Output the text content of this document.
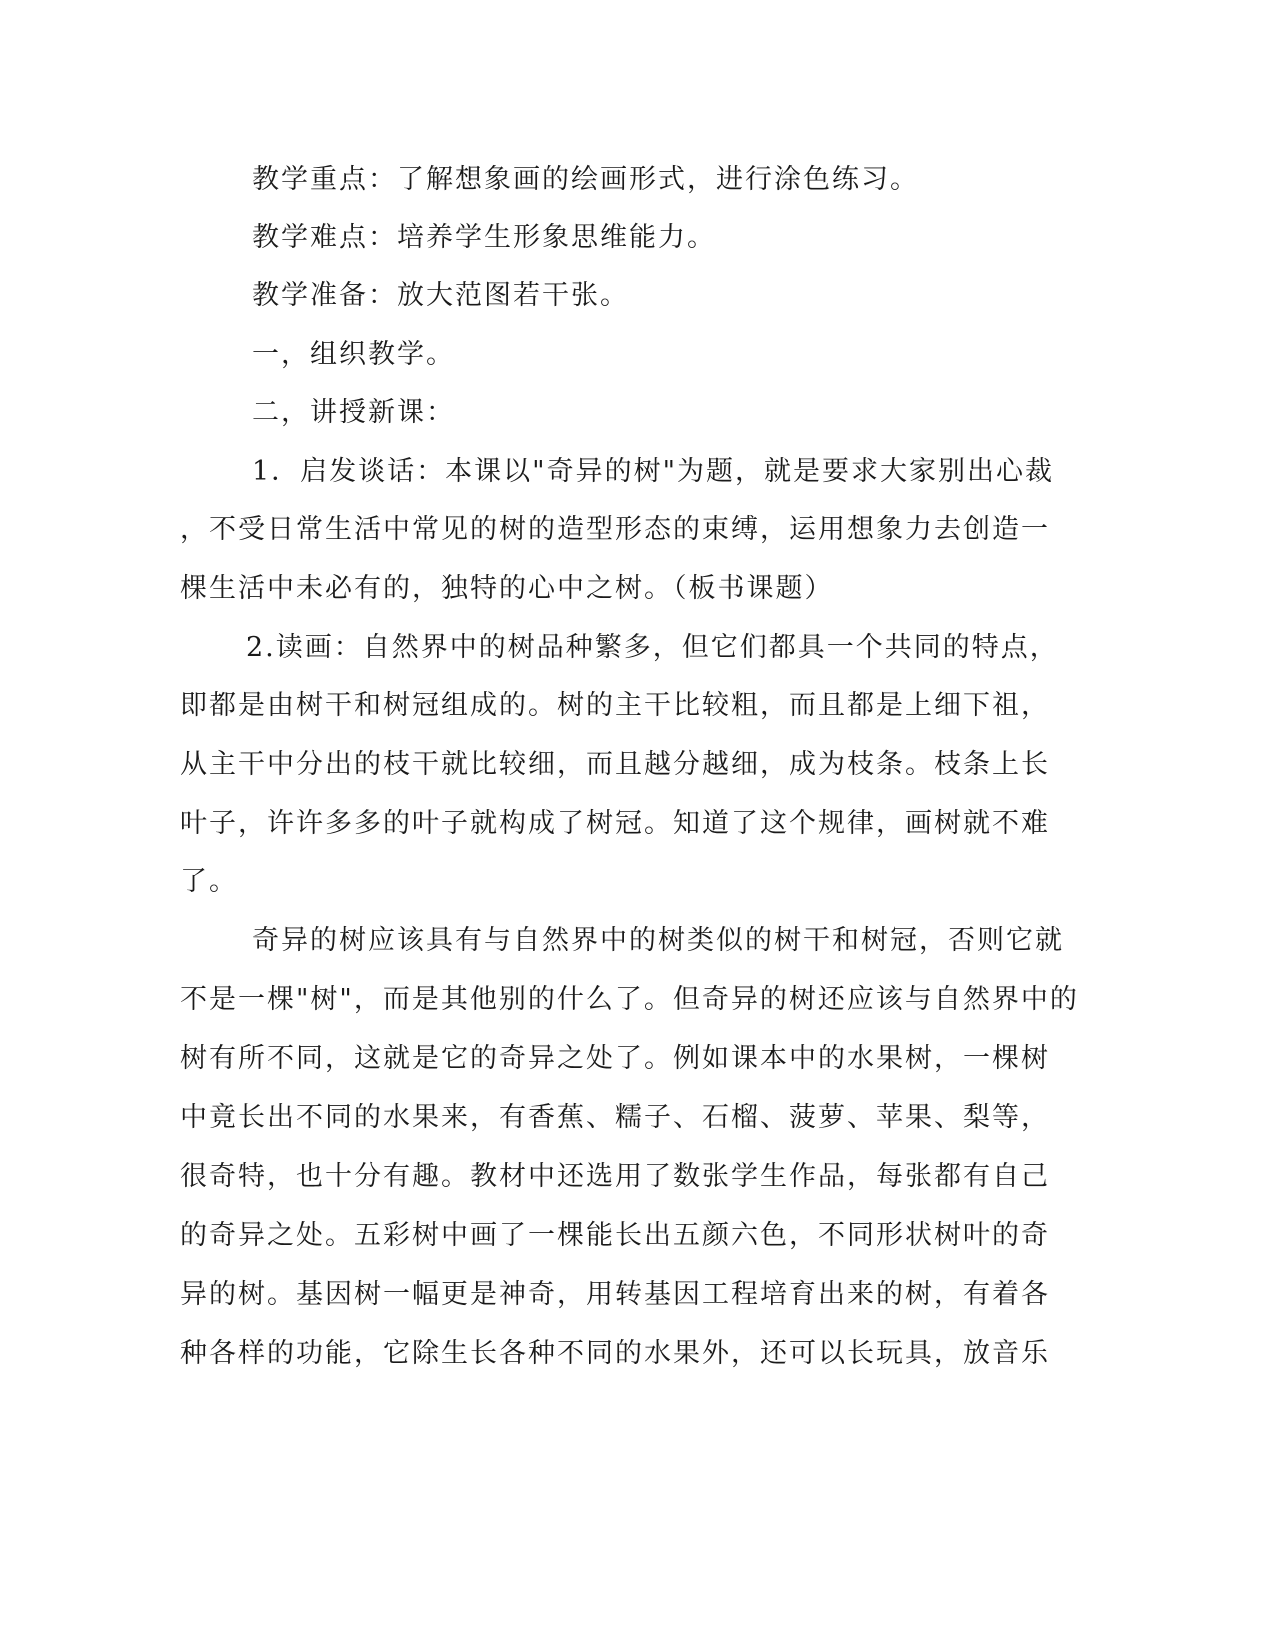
教学重点：了解想象画的绘画形式，进行涂色练习。

教学难点：培养学生形象思维能力。

教学准备：放大范图若干张。

一，组织教学。

二，讲授新课：

1．启发谈话：本课以"奇异的树"为题，就是要求大家别出心裁

，不受日常生活中常见的树的造型形态的束缚，运用想象力去创造一

棵生活中未必有的，独特的心中之树。（板书课题）

2.读画：自然界中的树品种繁多，但它们都具一个共同的特点，

即都是由树干和树冠组成的。树的主干比较粗，而且都是上细下祖，

从主干中分出的枝干就比较细，而且越分越细，成为枝条。枝条上长

叶子，许许多多的叶子就构成了树冠。知道了这个规律，画树就不难

了。

奇异的树应该具有与自然界中的树类似的树干和树冠，否则它就

不是一棵"树"，而是其他别的什么了。但奇异的树还应该与自然界中的

树有所不同，这就是它的奇异之处了。例如课本中的水果树，一棵树

中竟长出不同的水果来，有香蕉、糯子、石榴、菠萝、苹果、梨等，

很奇特，也十分有趣。教材中还选用了数张学生作品，每张都有自己

的奇异之处。五彩树中画了一棵能长出五颜六色，不同形状树叶的奇

异的树。基因树一幅更是神奇，用转基因工程培育出来的树，有着各

种各样的功能，它除生长各种不同的水果外，还可以长玩具，放音乐
